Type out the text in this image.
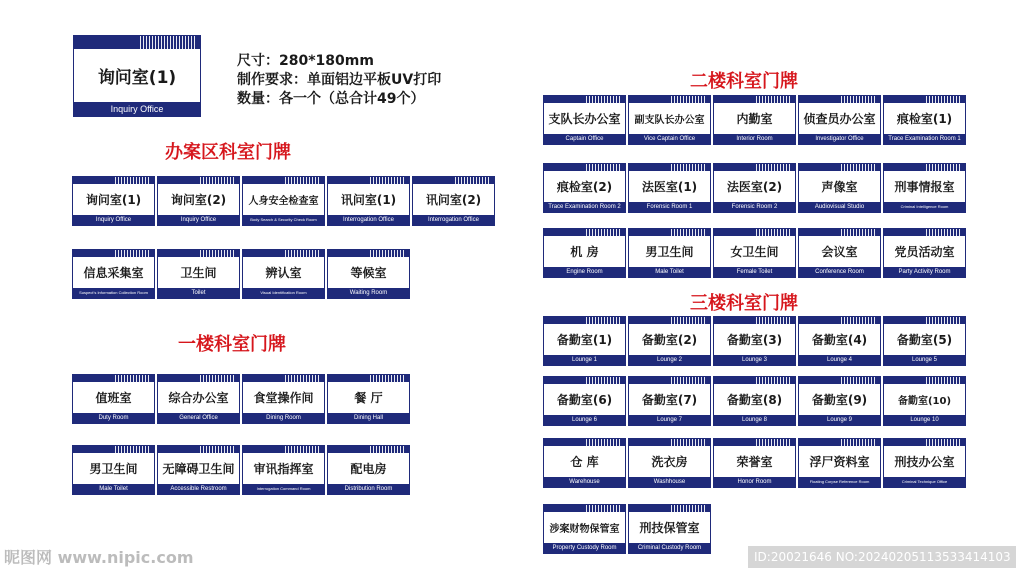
询问室(1)
Inquiry Office
尺寸：280*180mm
制作要求：单面铝边平板UV打印
数量：各一个（总合计49个）
办案区科室门牌
一楼科室门牌
二楼科室门牌
三楼科室门牌
询问室(1)
Inquiry Office
询问室(2)
Inquiry Office
人身安全检查室
Body Search & Security Check Room
讯问室(1)
Interrogation Office
讯问室(2)
Interrogation Office
信息采集室
Suspect’s Information Collection Room
卫生间
Toilet
辨认室
Visual Identification Room
等候室
Waiting Room
值班室
Duty Room
综合办公室
General Office
食堂操作间
Dining Room
餐 厅
Dining Hall
男卫生间
Male Toilet
无障碍卫生间
Accessible Restroom
审讯指挥室
Interrogation Command Room
配电房
Distribution Room
支队长办公室
Captain Office
副支队长办公室
Vice Captain Office
内勤室
Interior Room
侦查员办公室
Investigator Office
痕检室(1)
Trace Examination Room 1
痕检室(2)
Trace Examination Room 2
法医室(1)
Forensic Room 1
法医室(2)
Forensic Room 2
声像室
Audiovisual Studio
刑事情报室
Criminal Intelligence Room
机 房
Engine Room
男卫生间
Male Toilet
女卫生间
Female Toilet
会议室
Conference Room
党员活动室
Party Activity Room
备勤室(1)
Lounge 1
备勤室(2)
Lounge 2
备勤室(3)
Lounge 3
备勤室(4)
Lounge 4
备勤室(5)
Lounge 5
备勤室(6)
Lounge 6
备勤室(7)
Lounge 7
备勤室(8)
Lounge 8
备勤室(9)
Lounge 9
备勤室(10)
Lounge 10
仓 库
Warehouse
洗衣房
Washhouse
荣誉室
Honor Room
浮尸资料室
Floating Corpse Reference Room
刑技办公室
Criminal Technique Office
涉案财物保管室
Property Custody Room
刑技保管室
Criminal Custody Room
昵图网 www.nipic.com	ID:20021646 NO:20240205113533414103
